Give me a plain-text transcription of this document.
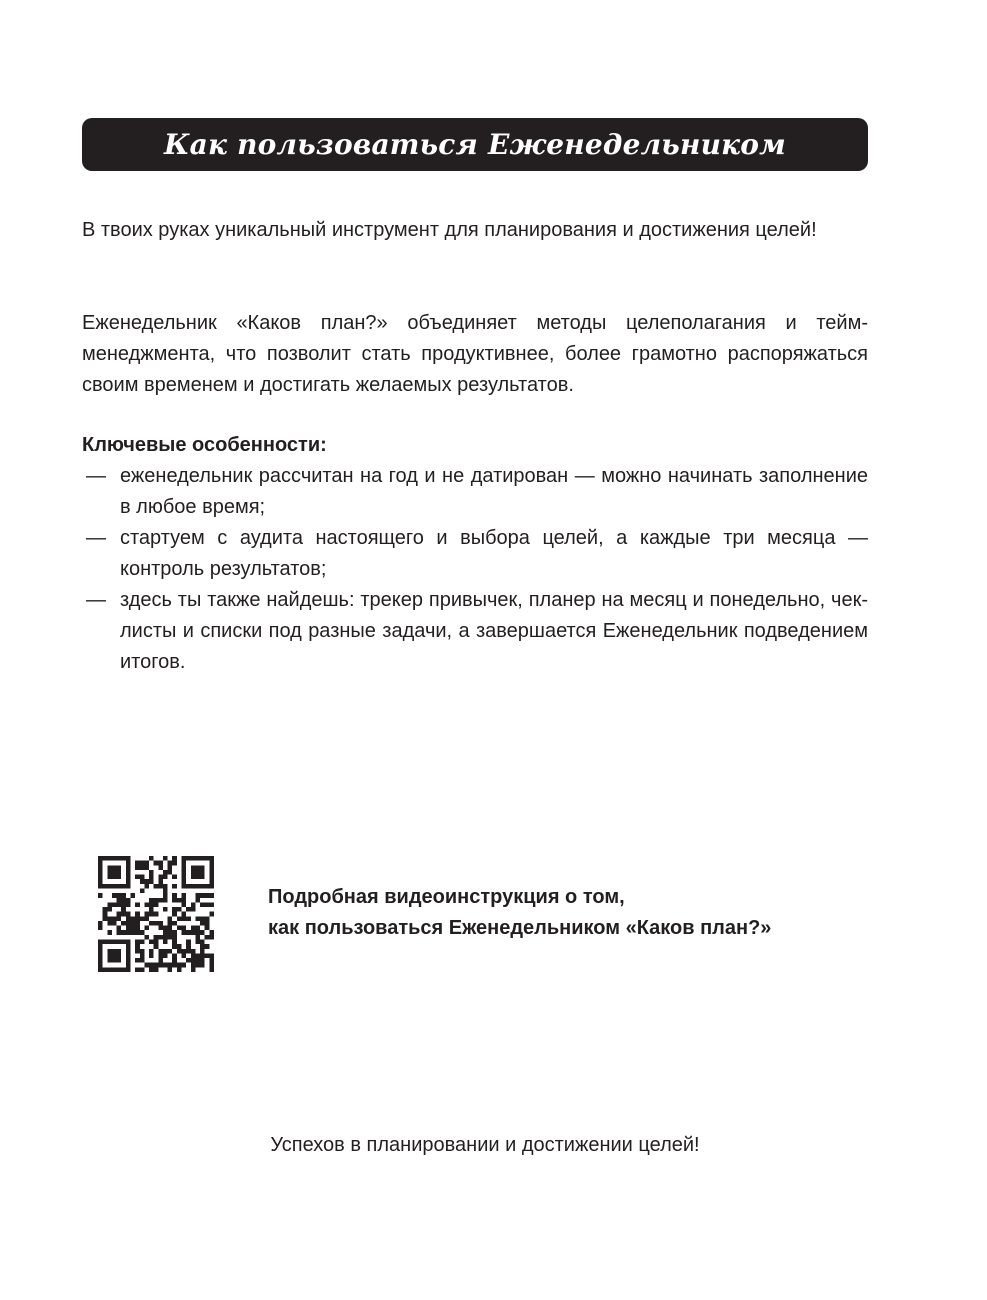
Как пользоваться Еженедельником
В твоих руках уникальный инструмент для планирования и достижения целей!
Еженедельник «Каков план?» объединяет методы целеполагания и тейм-менеджмента, что позволит стать продуктивнее, более грамотно распоряжаться своим временем и достигать желаемых результатов.
Ключевые особенности:
— еженедельник рассчитан на год и не датирован — можно начинать заполнение в любое время;
— стартуем с аудита настоящего и выбора целей, а каждые три месяца — контроль результатов;
— здесь ты также найдешь: трекер привычек, планер на месяц и понедельно, чек-листы и списки под разные задачи, а завершается Еженедельник подведением итогов.
Подробная видеоинструкция о том,
как пользоваться Еженедельником «Каков план?»
Успехов в планировании и достижении целей!
